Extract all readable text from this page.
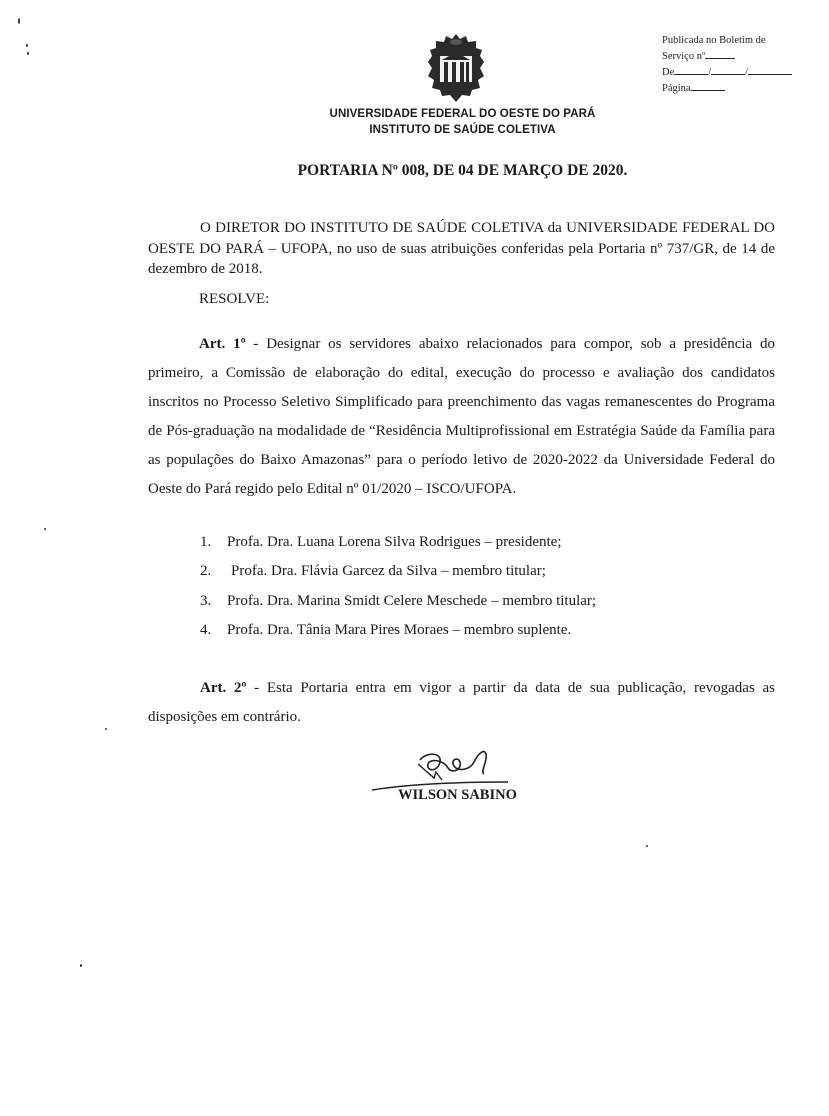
Publicada no Boletim de
Serviço nº
De	/	/
Página
UNIVERSIDADE FEDERAL DO OESTE DO PARÁ
INSTITUTO DE SAÚDE COLETIVA
PORTARIA Nº 008, DE 04 DE MARÇO DE 2020.
O DIRETOR DO INSTITUTO DE SAÚDE COLETIVA da UNIVERSIDADE FEDERAL DO OESTE DO PARÁ – UFOPA, no uso de suas atribuições conferidas pela Portaria nº 737/GR, de 14 de dezembro de 2018.
RESOLVE:
Art. 1º - Designar os servidores abaixo relacionados para compor, sob a presidência do primeiro, a Comissão de elaboração do edital, execução do processo e avaliação dos candidatos inscritos no Processo Seletivo Simplificado para preenchimento das vagas remanescentes do Programa de Pós-graduação na modalidade de “Residência Multiprofissional em Estratégia Saúde da Família para as populações do Baixo Amazonas” para o período letivo de 2020-2022 da Universidade Federal do Oeste do Pará regido pelo Edital nº 01/2020 – ISCO/UFOPA.
1.	Profa. Dra. Luana Lorena Silva Rodrigues – presidente;
2.	Profa. Dra. Flávia Garcez da Silva – membro titular;
3.	Profa. Dra. Marina Smidt Celere Meschede – membro titular;
4.	Profa. Dra. Tânia Mara Pires Moraes – membro suplente.
Art. 2º - Esta Portaria entra em vigor a partir da data de sua publicação, revogadas as disposições em contrário.
WILSON SABINO
